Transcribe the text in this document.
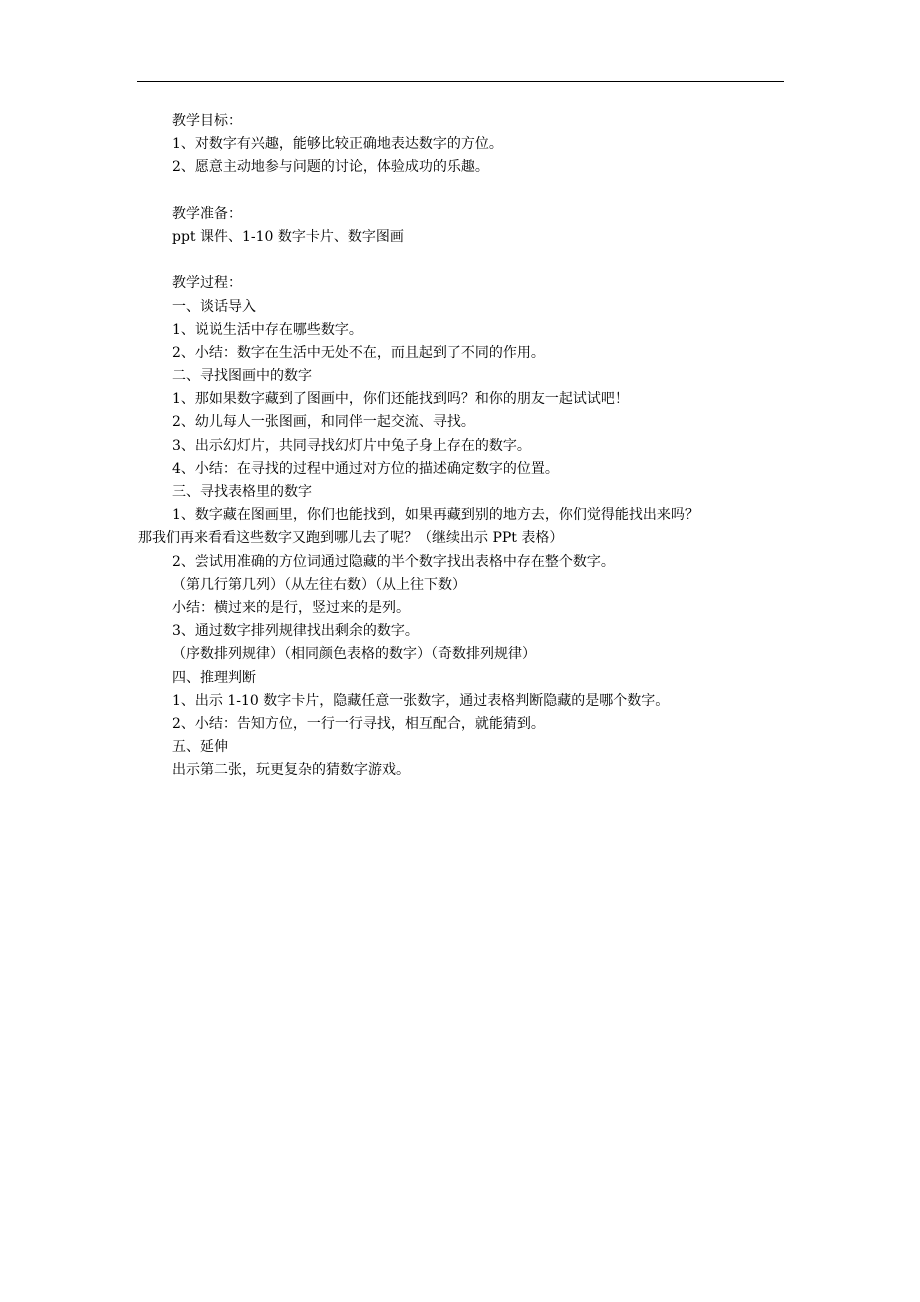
教学目标：
1、对数字有兴趣，能够比较正确地表达数字的方位。
2、愿意主动地参与问题的讨论，体验成功的乐趣。
教学准备：
ppt 课件、1-10 数字卡片、数字图画
教学过程：
一、谈话导入
1、说说生活中存在哪些数字。
2、小结：数字在生活中无处不在，而且起到了不同的作用。
二、寻找图画中的数字
1、那如果数字藏到了图画中，你们还能找到吗？和你的朋友一起试试吧！
2、幼儿每人一张图画，和同伴一起交流、寻找。
3、出示幻灯片，共同寻找幻灯片中兔子身上存在的数字。
4、小结：在寻找的过程中通过对方位的描述确定数字的位置。
三、寻找表格里的数字
1、数字藏在图画里，你们也能找到，如果再藏到别的地方去，你们觉得能找出来吗？
那我们再来看看这些数字又跑到哪儿去了呢？（继续出示 PPt 表格）
2、尝试用准确的方位词通过隐藏的半个数字找出表格中存在整个数字。
（第几行第几列）（从左往右数）（从上往下数）
小结：横过来的是行，竖过来的是列。
3、通过数字排列规律找出剩余的数字。
（序数排列规律）（相同颜色表格的数字）（奇数排列规律）
四、推理判断
1、出示 1-10 数字卡片，隐藏任意一张数字，通过表格判断隐藏的是哪个数字。
2、小结：告知方位，一行一行寻找，相互配合，就能猜到。
五、延伸
出示第二张，玩更复杂的猜数字游戏。
